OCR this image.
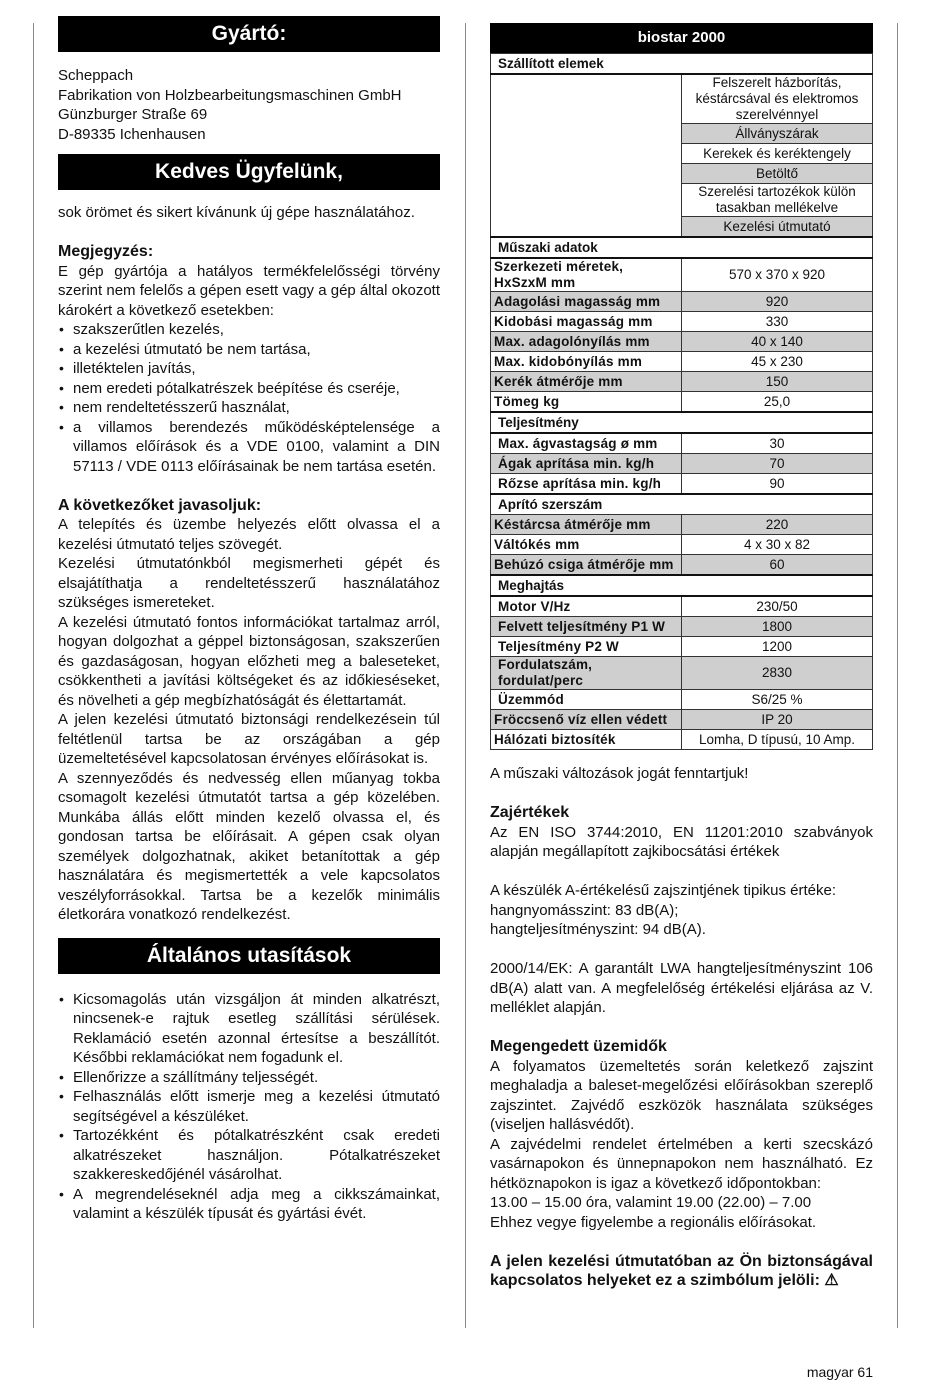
Gyártó:

Scheppach

Fabrikation von Holzbearbeitungsmaschinen GmbH

Günzburger Straße 69

D-89335 Ichenhausen

Kedves Ügyfelünk,

sok örömet és sikert kívánunk új gépe használatához.

Megjegyzés:

E gép gyártója a hatályos termékfelelősségi törvény szerint nem felelős a gépen esett vagy a gép által okozott károkért a következő esetekben:

• szakszerűtlen kezelés,
• a kezelési útmutató be nem tartása,
• illetéktelen javítás,
• nem eredeti pótalkatrészek beépítése és cseréje,
• nem rendeltetésszerű használat,
• a villamos berendezés működésképtelensége a villamos előírások és a VDE 0100, valamint a DIN 57113 / VDE 0113 előírásainak be nem tartása esetén.

A következőket javasoljuk:

A telepítés és üzembe helyezés előtt olvassa el a kezelési útmutató teljes szövegét.

Kezelési útmutatónkból megismerheti gépét és elsajátíthatja a rendeltetésszerű használatához szükséges ismereteket.

A kezelési útmutató fontos információkat tartalmaz arról, hogyan dolgozhat a géppel biztonságosan, szakszerűen és gazdaságosan, hogyan előzheti meg a baleseteket, csökkentheti a javítási költségeket és az időkieséseket, és növelheti a gép megbízhatóságát és élettartamát.

A jelen kezelési útmutató biztonsági rendelkezésein túl feltétlenül tartsa be az országában a gép üzemeltetésével kapcsolatosan érvényes előírásokat is.

A szennyeződés és nedvesség ellen műanyag tokba csomagolt kezelési útmutatót tartsa a gép közelében. Munkába állás előtt minden kezelő olvassa el, és gondosan tartsa be előírásait. A gépen csak olyan személyek dolgozhatnak, akiket betanítottak a gép használatára és megismertették a vele kapcsolatos veszélyforrásokkal. Tartsa be a kezelők minimális életkorára vonatkozó rendelkezést.

Általános utasítások
• Kicsomagolás után vizsgáljon át minden alkatrészt, nincsenek-e rajtuk esetleg szállítási sérülések. Reklamáció esetén azonnal értesítse a beszállítót. Későbbi reklamációkat nem fogadunk el.
• Ellenőrizze a szállítmány teljességét.
• Felhasználás előtt ismerje meg a kezelési útmutató segítségével a készüléket.
• Tartozékként és pótalkatrészként csak eredeti alkatrészeket használjon. Pótalkatrészeket szakkereskedőjénél vásárolhat.
• A megrendeléseknél adja meg a cikkszámainkat, valamint a készülék típusát és gyártási évét.
biostar 2000
Szállított elemek	
	Felszerelt házborítás, késtárcsával és elektromos szerelvénnyel
	Állványszárak
	Kerekek és keréktengely
	Betöltő
	Szerelési tartozékok külön tasakban mellékelve
	Kezelési útmutató
Műszaki adatok	
Szerkezeti méretek, HxSzxM mm	570 x 370 x 920
Adagolási magasság mm	920
Kidobási magasság mm	330
Max. adagolónyílás mm	40 x 140
Max. kidobónyílás mm	45 x 230
Kerék átmérője mm	150
Tömeg kg	25,0
Teljesítmény	
Max. ágvastagság ø mm	30
Ágak aprítása min. kg/h	70
Rőzse aprítása min. kg/h	90
Aprító szerszám	
Késtárcsa átmérője mm	220
Váltókés mm	4 x 30 x 82
Behúzó csiga átmérője mm	60
Meghajtás	
Motor V/Hz	230/50
Felvett teljesítmény P1 W	1800
Teljesítmény P2 W	1200
Fordulatszám, fordulat/perc	2830
Üzemmód	S6/25 %
Fröccsenő víz ellen védett	IP 20
Hálózati biztosíték	Lomha, D típusú, 10 Amp.

A műszaki változások jogát fenntartjuk!

Zajértékek

Az EN ISO 3744:2010, EN 11201:2010 szabványok alapján megállapított zajkibocsátási értékek

A készülék A-értékelésű zajszintjének tipikus értéke:

hangnyomásszint: 83 dB(A);

hangteljesítményszint: 94 dB(A).

2000/14/EK: A garantált LWA hangteljesítményszint 106 dB(A) alatt van. A megfelelőség értékelési eljárása az V. melléklet alapján.

Megengedett üzemidők

A folyamatos üzemeltetés során keletkező zajszint meghaladja a baleset-megelőzési előírásokban szereplő zajszintet. Zajvédő eszközök használata szükséges (viseljen hallásvédőt).

A zajvédelmi rendelet értelmében a kerti szecskázó vasárnapokon és ünnepnapokon nem használható. Ez hétköznapokon is igaz a következő időpontokban:

13.00 – 15.00 óra, valamint 19.00 (22.00) – 7.00

Ehhez vegye figyelembe a regionális előírásokat.

A jelen kezelési útmutatóban az Ön biztonságával kapcsolatos helyeket ez a szimbólum jelöli: ⚠

magyar 61
